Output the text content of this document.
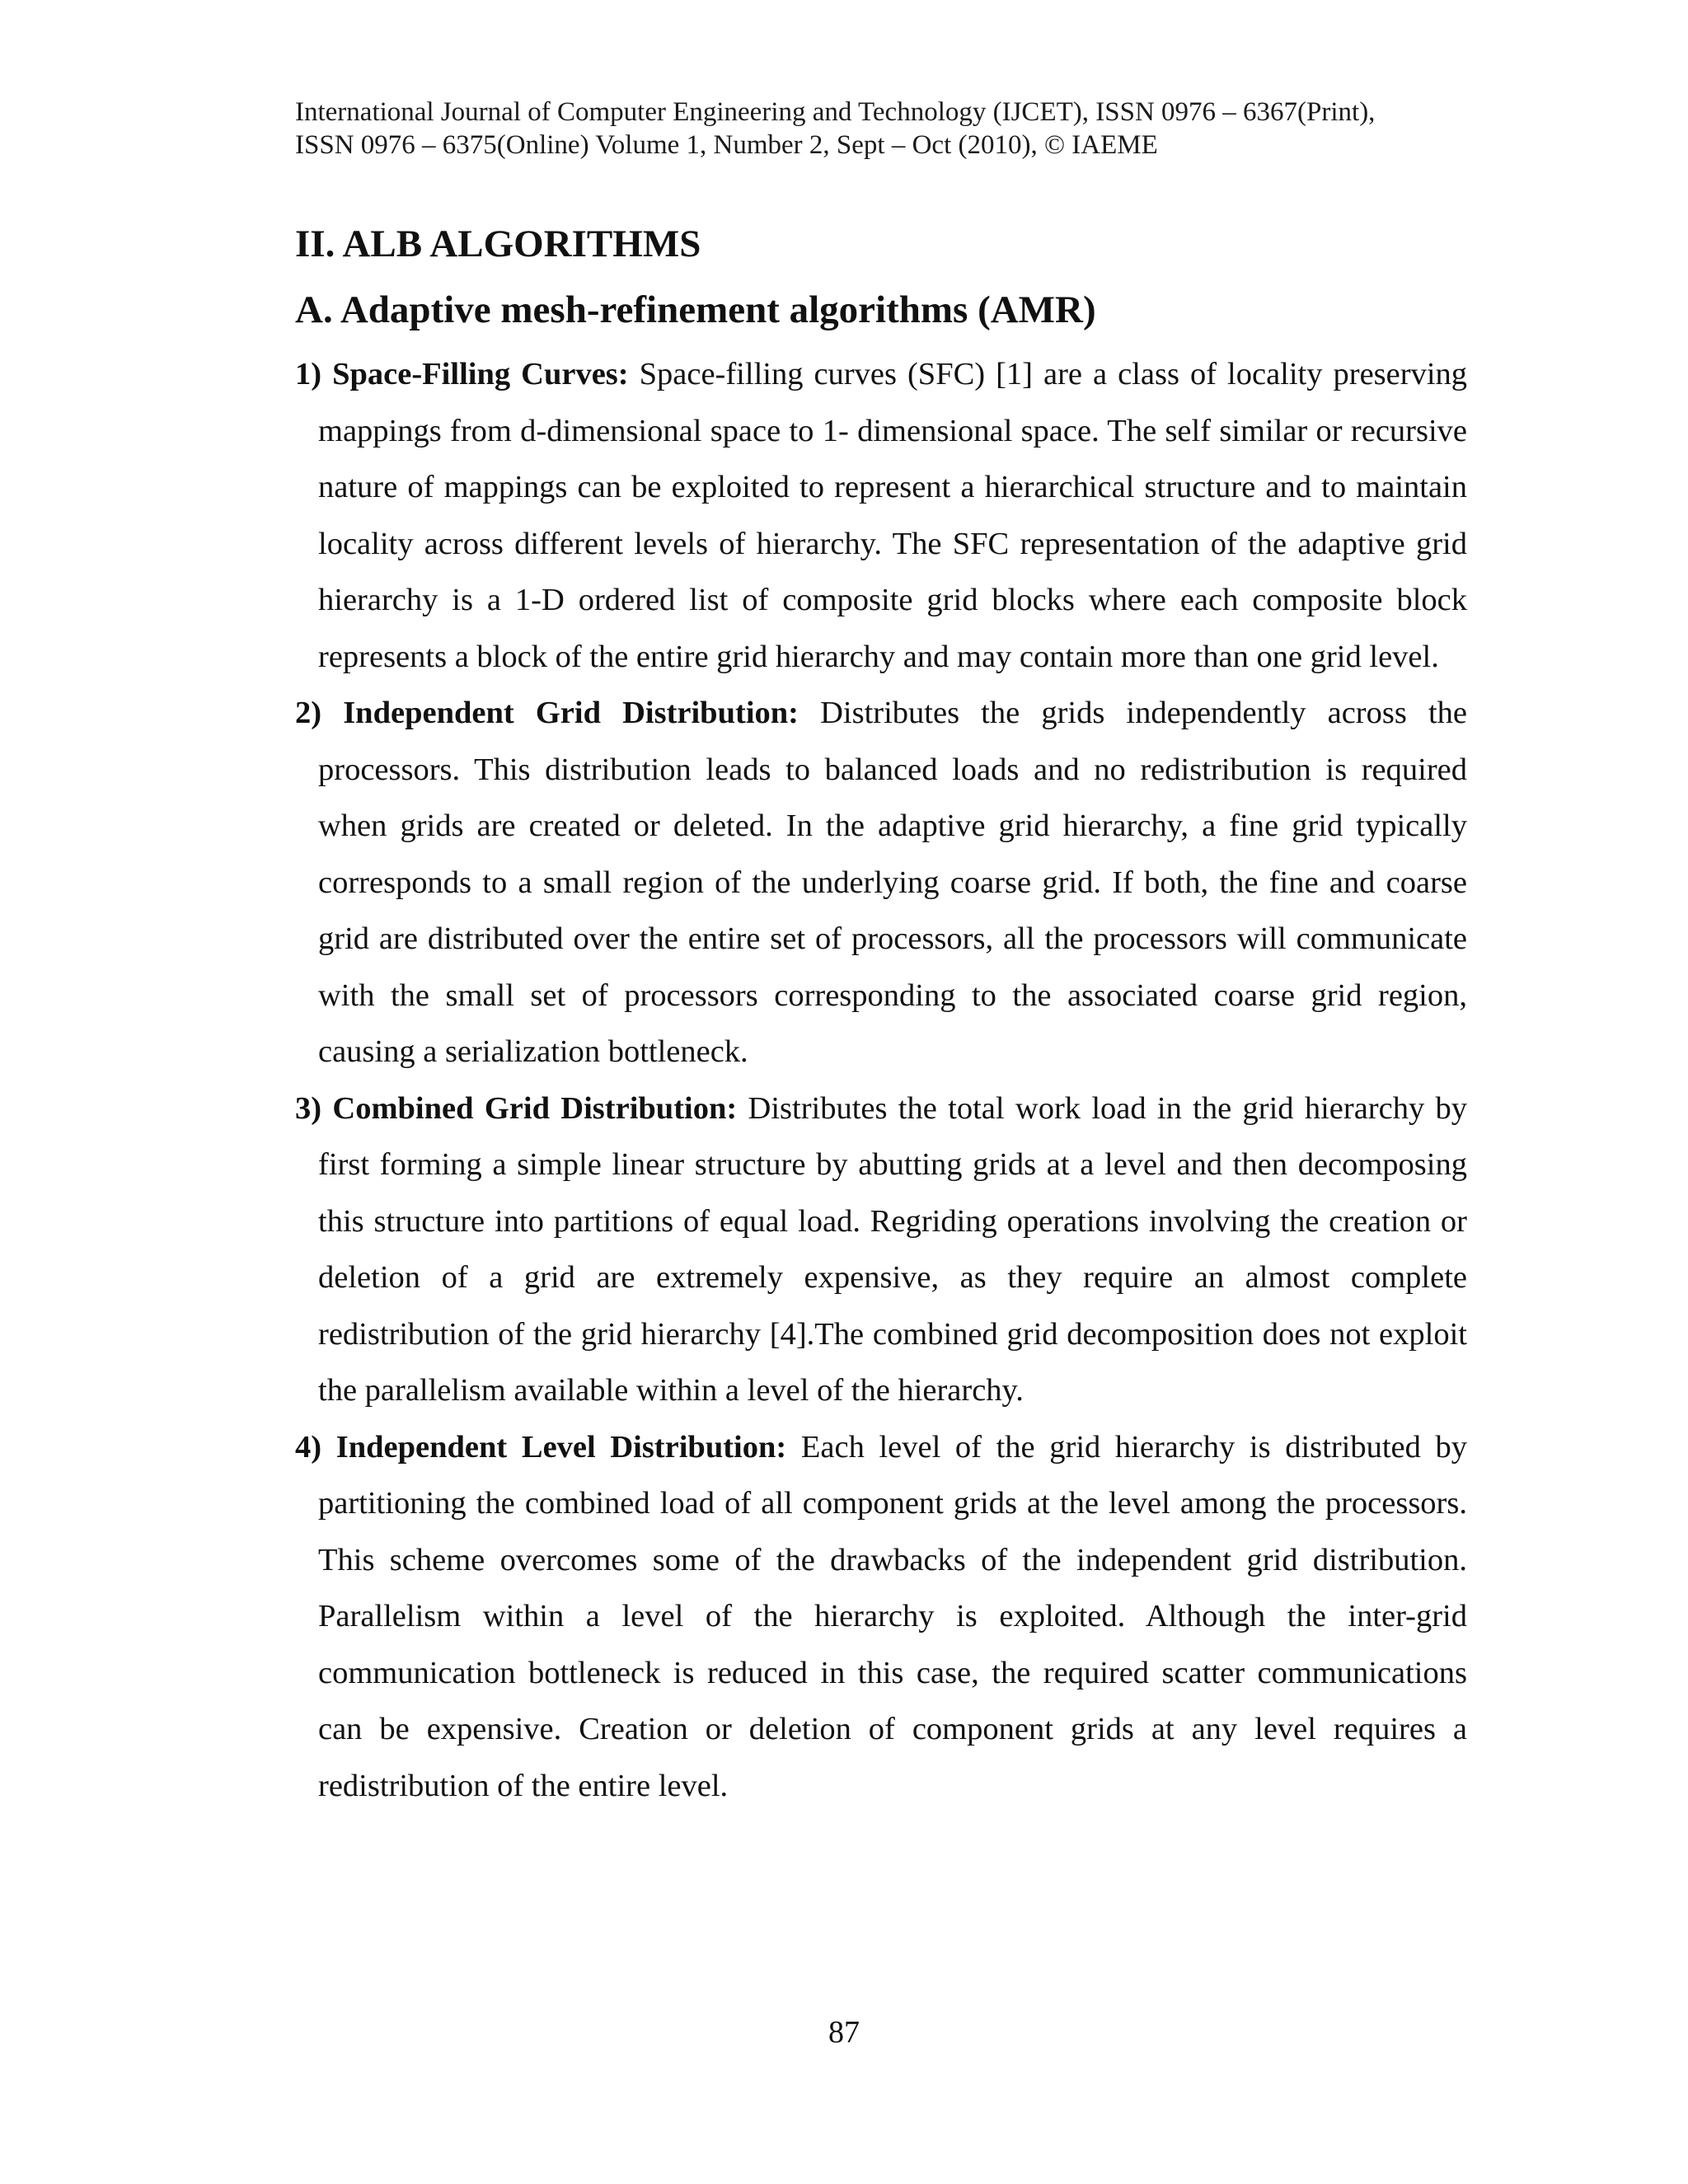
International Journal of Computer Engineering and Technology (IJCET), ISSN 0976 – 6367(Print),
ISSN 0976 – 6375(Online) Volume 1, Number 2, Sept – Oct (2010), © IAEME
II. ALB ALGORITHMS
A. Adaptive mesh-refinement algorithms (AMR)

1) Space-Filling Curves: Space-filling curves (SFC) [1] are a class of locality preserving mappings from d-dimensional space to 1- dimensional space. The self similar or recursive nature of mappings can be exploited to represent a hierarchical structure and to maintain locality across different levels of hierarchy. The SFC representation of the adaptive grid hierarchy is a 1-D ordered list of composite grid blocks where each composite block represents a block of the entire grid hierarchy and may contain more than one grid level.

2) Independent Grid Distribution: Distributes the grids independently across the processors. This distribution leads to balanced loads and no redistribution is required when grids are created or deleted. In the adaptive grid hierarchy, a fine grid typically corresponds to a small region of the underlying coarse grid. If both, the fine and coarse grid are distributed over the entire set of processors, all the processors will communicate with the small set of processors corresponding to the associated coarse grid region, causing a serialization bottleneck.

3) Combined Grid Distribution: Distributes the total work load in the grid hierarchy by first forming a simple linear structure by abutting grids at a level and then decomposing this structure into partitions of equal load. Regriding operations involving the creation or deletion of a grid are extremely expensive, as they require an almost complete redistribution of the grid hierarchy [4].The combined grid decomposition does not exploit the parallelism available within a level of the hierarchy.

4) Independent Level Distribution: Each level of the grid hierarchy is distributed by partitioning the combined load of all component grids at the level among the processors. This scheme overcomes some of the drawbacks of the independent grid distribution. Parallelism within a level of the hierarchy is exploited. Although the inter-grid communication bottleneck is reduced in this case, the required scatter communications can be expensive. Creation or deletion of component grids at any level requires a redistribution of the entire level.

87
